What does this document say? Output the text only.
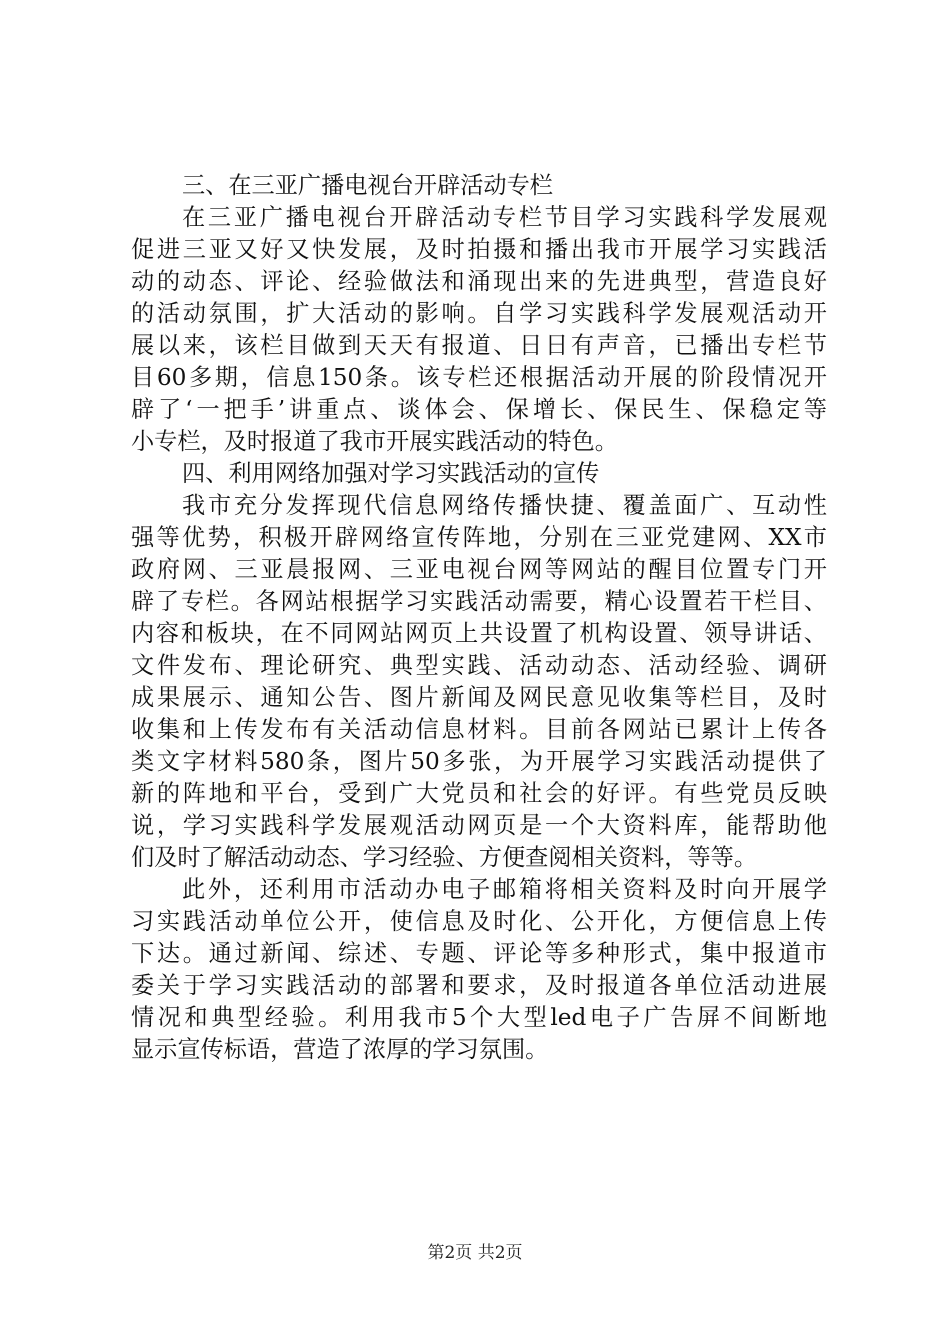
三、在三亚广播电视台开辟活动专栏
在三亚广播电视台开辟活动专栏节目学习实践科学发展观
促进三亚又好又快发展，及时拍摄和播出我市开展学习实践活
动的动态、评论、经验做法和涌现出来的先进典型，营造良好
的活动氛围，扩大活动的影响。自学习实践科学发展观活动开
展以来，该栏目做到天天有报道、日日有声音，已播出专栏节
目60多期，信息150条。该专栏还根据活动开展的阶段情况开
辟了‘一把手’讲重点、谈体会、保增长、保民生、保稳定等
小专栏，及时报道了我市开展实践活动的特色。
四、利用网络加强对学习实践活动的宣传
我市充分发挥现代信息网络传播快捷、覆盖面广、互动性
强等优势，积极开辟网络宣传阵地，分别在三亚党建网、XX市
政府网、三亚晨报网、三亚电视台网等网站的醒目位置专门开
辟了专栏。各网站根据学习实践活动需要，精心设置若干栏目、
内容和板块，在不同网站网页上共设置了机构设置、领导讲话、
文件发布、理论研究、典型实践、活动动态、活动经验、调研
成果展示、通知公告、图片新闻及网民意见收集等栏目，及时
收集和上传发布有关活动信息材料。目前各网站已累计上传各
类文字材料580条，图片50多张，为开展学习实践活动提供了
新的阵地和平台，受到广大党员和社会的好评。有些党员反映
说，学习实践科学发展观活动网页是一个大资料库，能帮助他
们及时了解活动动态、学习经验、方便查阅相关资料，等等。
此外，还利用市活动办电子邮箱将相关资料及时向开展学
习实践活动单位公开，使信息及时化、公开化，方便信息上传
下达。通过新闻、综述、专题、评论等多种形式，集中报道市
委关于学习实践活动的部署和要求，及时报道各单位活动进展
情况和典型经验。利用我市5个大型led电子广告屏不间断地
显示宣传标语，营造了浓厚的学习氛围。
第2页 共2页
